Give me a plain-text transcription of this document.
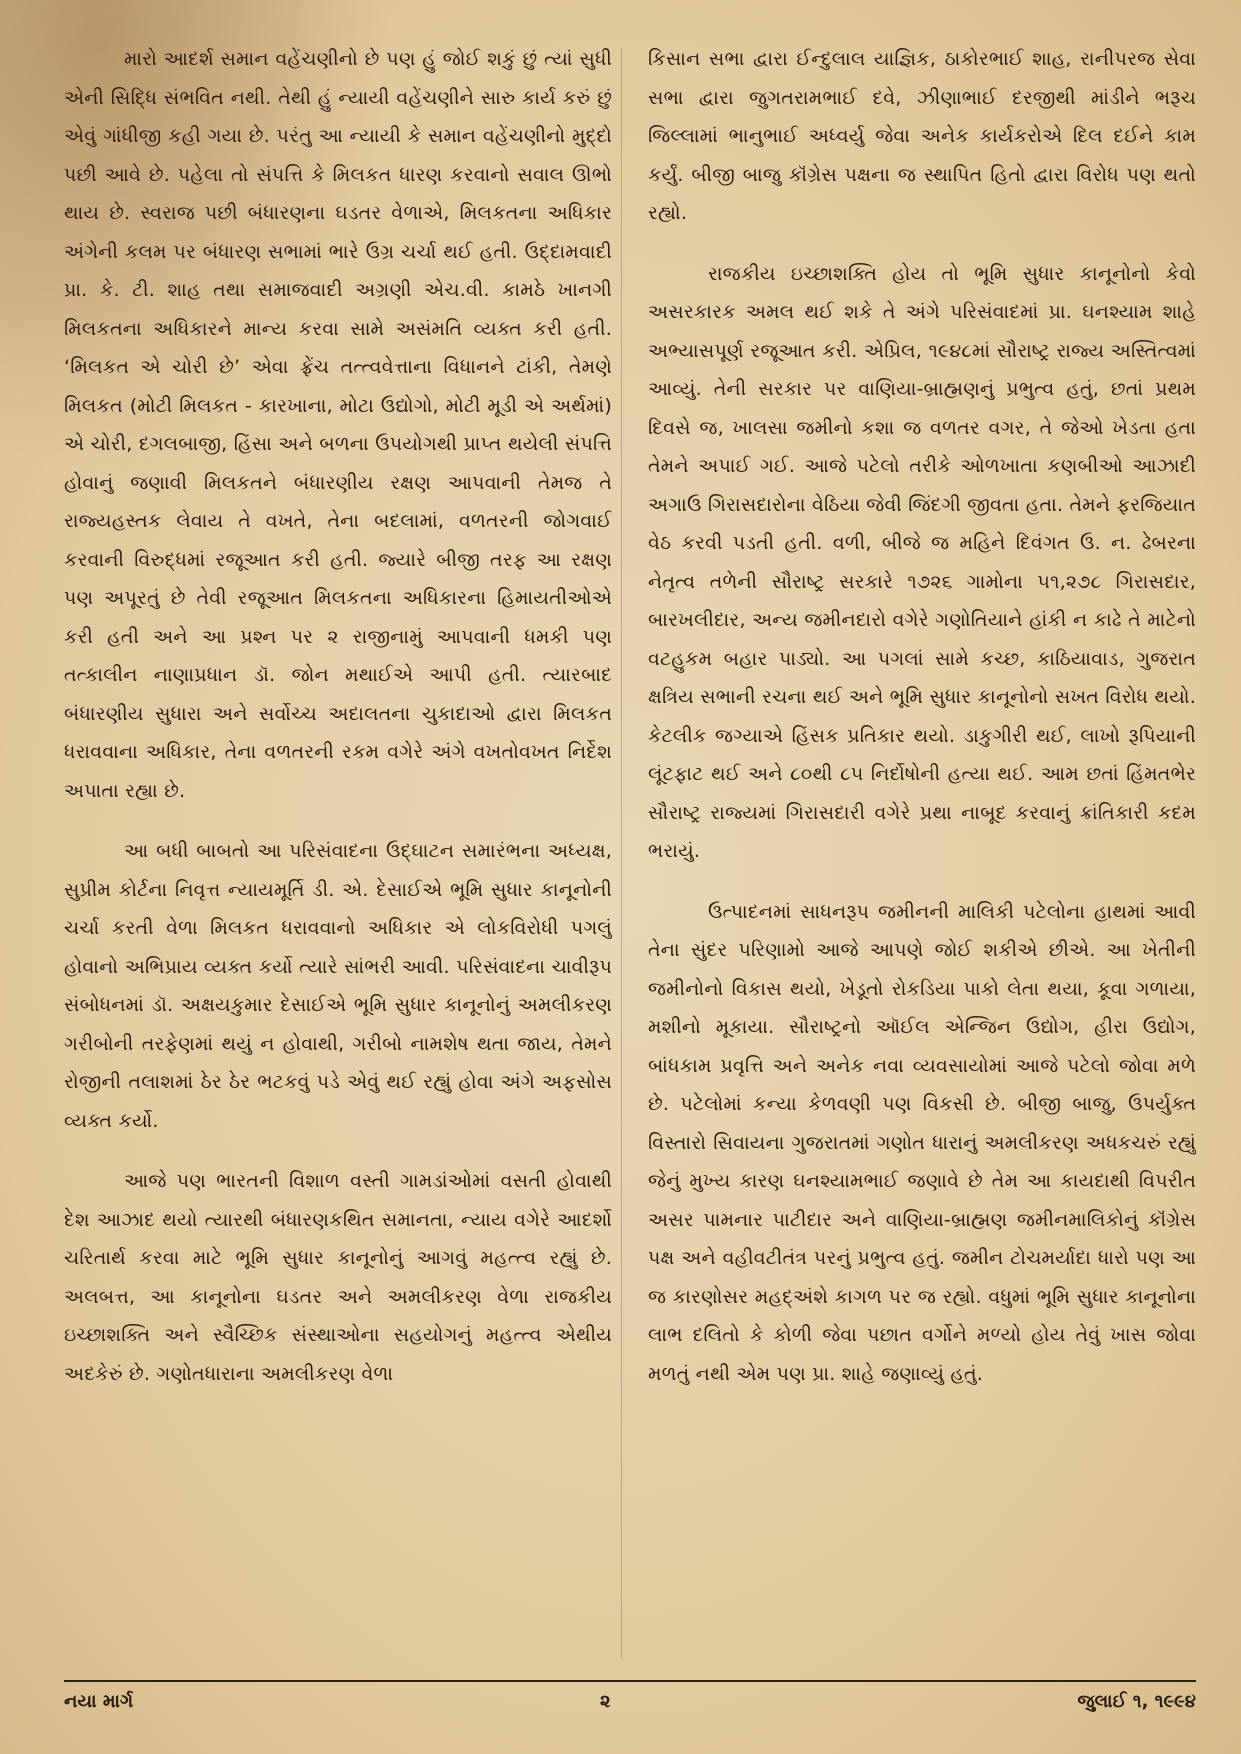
મારો આદર્શ સમાન વહેંચણીનો છે પણ હું જોઈ શકું છું ત્યાં સુધી એની સિદ્ધિ સંભવિત નથી. તેથી હું ન્યાયી વહેંચણીને સારુ કાર્ય કરું છું એવું ગાંધીજી કહી ગયા છે. પરંતુ આ ન્યાયી કે સમાન વહેંચણીનો મુદ્દો પછી આવે છે. પહેલા તો સંપત્તિ કે મિલકત ધારણ કરવાનો સવાલ ઊભો થાય છે. સ્વરાજ પછી બંધારણના ઘડતર વેળાએ, મિલકતના અધિકાર અંગેની કલમ પર બંધારણ સભામાં ભારે ઉગ્ર ચર્ચા થઈ હતી. ઉદ્દામવાદી પ્રા. કે. ટી. શાહ તથા સમાજવાદી અગ્રણી એચ.વી. કામઠે ખાનગી મિલકતના અધિકારને માન્ય કરવા સામે અસંમતિ વ્યક્ત કરી હતી. ‘મિલકત એ ચોરી છે’ એવા ફ્રેંચ તત્ત્વવેત્તાના વિધાનને ટાંકી, તેમણે મિલકત (મોટી મિલકત - કારખાના, મોટા ઉદ્યોગો, મોટી મૂડી એ અર્થમાં) એ ચોરી, દગલબાજી, હિંસા અને બળના ઉપયોગથી પ્રાપ્ત થયેલી સંપત્તિ હોવાનું જણાવી મિલકતને બંધારણીય રક્ષણ આપવાની તેમજ તે રાજ્યહસ્તક લેવાય તે વખતે, તેના બદલામાં, વળતરની જોગવાઈ કરવાની વિરુદ્ધમાં રજૂઆત કરી હતી. જ્યારે બીજી તરફ આ રક્ષણ પણ અપૂરતું છે તેવી રજૂઆત મિલકતના અધિકારના હિમાયતીઓએ કરી હતી અને આ પ્રશ્ન પર ૨ રાજીનામું આપવાની ધમકી પણ તત્કાલીન નાણાપ્રધાન ડૉ. જોન મથાઈએ આપી હતી. ત્યારબાદ બંધારણીય સુધારા અને સર્વોચ્ચ અદાલતના ચુકાદાઓ દ્વારા મિલકત ધરાવવાના અધિકાર, તેના વળતરની રકમ વગેરે અંગે વખતોવખત નિર્દેશ અપાતા રહ્યા છે.

આ બધી બાબતો આ પરિસંવાદના ઉદ્ઘાટન સમારંભના અધ્યક્ષ, સુપ્રીમ કોર્ટના નિવૃત્ત ન્યાયમૂર્તિ ડી. એ. દેસાઈએ ભૂમિ સુધાર કાનૂનોની ચર્ચા કરતી વેળા મિલકત ધરાવવાનો અધિકાર એ લોકવિરોધી પગલું હોવાનો અભિપ્રાય વ્યક્ત કર્યો ત્યારે સાંભરી આવી. પરિસંવાદના ચાવીરૂપ સંબોધનમાં ડૉ. અક્ષયકુમાર દેસાઈએ ભૂમિ સુધાર કાનૂનોનું અમલીકરણ ગરીબોની તરફેણમાં થયું ન હોવાથી, ગરીબો નામશેષ થતા જાય, તેમને રોજીની તલાશમાં ઠેર ઠેર ભટકવું પડે એવું થઈ રહ્યું હોવા અંગે અફસોસ વ્યક્ત કર્યો.

આજે પણ ભારતની વિશાળ વસ્તી ગામડાંઓમાં વસતી હોવાથી દેશ આઝાદ થયો ત્યારથી બંધારણકથિત સમાનતા, ન્યાય વગેરે આદર્શો ચરિતાર્થ કરવા માટે ભૂમિ સુધાર કાનૂનોનું આગવું મહત્ત્વ રહ્યું છે. અલબત્ત, આ કાનૂનોના ઘડતર અને અમલીકરણ વેળા રાજકીય ઇચ્છાશક્તિ અને સ્વૈચ્છિક સંસ્થાઓના સહયોગનું મહત્ત્વ એથીય અદકેરું છે. ગણોતધારાના અમલીકરણ વેળા

કિસાન સભા દ્વારા ઈન્દુલાલ યાજ્ઞિક, ઠાકોરભાઈ શાહ, રાનીપરજ સેવા સભા દ્વારા જુગતરામભાઈ દવે, ઝીણાભાઈ દરજીથી માંડીને ભરૂચ જિલ્લામાં ભાનુભાઈ અધ્વર્યુ જેવા અનેક કાર્યકરોએ દિલ દઈને કામ કર્યું. બીજી બાજુ કૉંગ્રેસ પક્ષના જ સ્થાપિત હિતો દ્વારા વિરોધ પણ થતો રહ્યો.

રાજકીય ઇચ્છાશક્તિ હોય તો ભૂમિ સુધાર કાનૂનોનો કેવો અસરકારક અમલ થઈ શકે તે અંગે પરિસંવાદમાં પ્રા. ઘનશ્યામ શાહે અભ્યાસપૂર્ણ રજૂઆત કરી. એપ્રિલ, ૧૯૪૮માં સૌરાષ્ટ્ર રાજ્ય અસ્તિત્વમાં આવ્યું. તેની સરકાર પર વાણિયા-બ્રાહ્મણનું પ્રભુત્વ હતું, છતાં પ્રથમ દિવસે જ, ખાલસા જમીનો કશા જ વળતર વગર, તે જેઓ ખેડતા હતા તેમને અપાઈ ગઈ. આજે પટેલો તરીકે ઓળખાતા કણબીઓ આઝાદી અગાઉ ગિરાસદારોના વેઠિયા જેવી જિંદગી જીવતા હતા. તેમને ફરજિયાત વેઠ કરવી પડતી હતી. વળી, બીજે જ મહિને દિવંગત ઉ. ન. ઢેબરના નેતૃત્વ તળેની સૌરાષ્ટ્ર સરકારે ૧૭૨૬ ગામોના ૫૧,૨૭૮ ગિરાસદાર, બારખલીદાર, અન્ય જમીનદારો વગેરે ગણોતિયાને હાંકી ન કાઢે તે માટેનો વટહુકમ બહાર પાડ્યો. આ પગલાં સામે કચ્છ, કાઠિયાવાડ, ગુજરાત ક્ષત્રિય સભાની રચના થઈ અને ભૂમિ સુધાર કાનૂનોનો સખત વિરોધ થયો. કેટલીક જગ્યાએ હિંસક પ્રતિકાર થયો. ડાકુગીરી થઈ, લાખો રૂપિયાની લૂંટફાટ થઈ અને ૮૦થી ૮૫ નિર્દોષોની હત્યા થઈ. આમ છતાં હિંમતભેર સૌરાષ્ટ્ર રાજ્યમાં ગિરાસદારી વગેરે પ્રથા નાબૂદ કરવાનું ક્રાંતિકારી કદમ ભરાયું.

ઉત્પાદનમાં સાધનરૂપ જમીનની માલિકી પટેલોના હાથમાં આવી તેના સુંદર પરિણામો આજે આપણે જોઈ શકીએ છીએ. આ ખેતીની જમીનોનો વિકાસ થયો, ખેડૂતો રોકડિયા પાકો લેતા થયા, કૂવા ગળાયા, મશીનો મૂકાયા. સૌરાષ્ટ્રનો ઑઈલ એન્જિન ઉદ્યોગ, હીરા ઉદ્યોગ, બાંધકામ પ્રવૃત્તિ અને અનેક નવા વ્યવસાયોમાં આજે પટેલો જોવા મળે છે. પટેલોમાં કન્યા કેળવણી પણ વિકસી છે. બીજી બાજુ, ઉપર્યુક્ત વિસ્તારો સિવાયના ગુજરાતમાં ગણોત ધારાનું અમલીકરણ અધકચરું રહ્યું જેનું મુખ્ય કારણ ઘનશ્યામભાઈ જણાવે છે તેમ આ કાયદાથી વિપરીત અસર પામનાર પાટીદાર અને વાણિયા-બ્રાહ્મણ જમીનમાલિકોનું કૉંગ્રેસ પક્ષ અને વહીવટીતંત્ર પરનું પ્રભુત્વ હતું. જમીન ટોચમર્યાદા ધારો પણ આ જ કારણોસર મહદ્અંશે કાગળ પર જ રહ્યો. વધુમાં ભૂમિ સુધાર કાનૂનોના લાભ દલિતો કે કોળી જેવા પછાત વર્ગોને મળ્યો હોય તેવું ખાસ જોવા મળતું નથી એમ પણ પ્રા. શાહે જણાવ્યું હતું.

નયા માર્ગ	૨	જુલાઈ ૧, ૧૯૯૪
